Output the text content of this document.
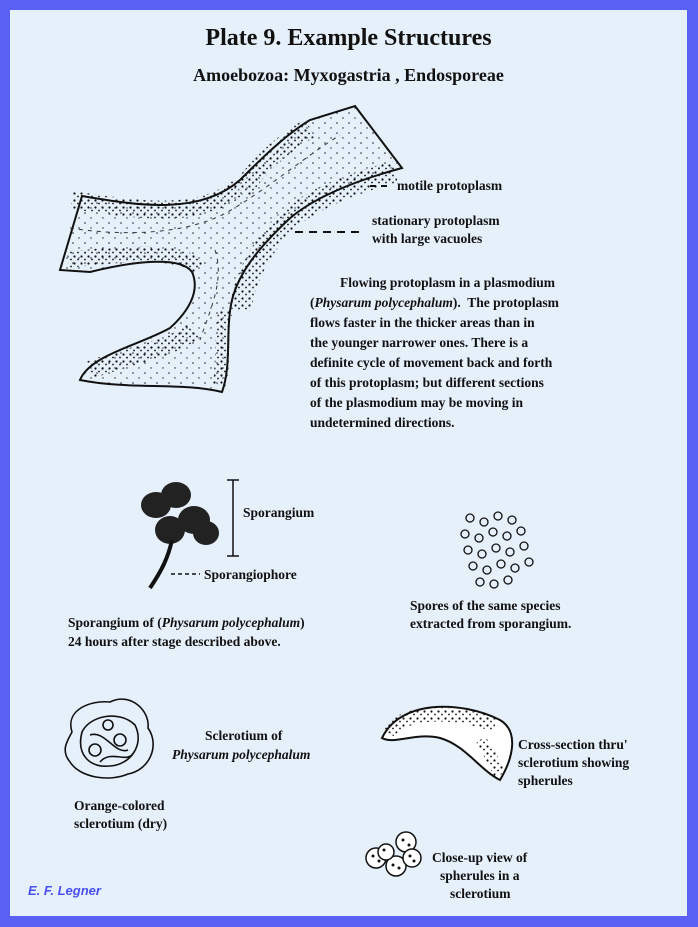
Plate 9. Example Structures
Amoebozoa: Myxogastria , Endosporeae
motile protoplasm
stationary protoplasm
with large vacuoles

Flowing protoplasm in a plasmodium

(Physarum polycephalum).  The protoplasm

flows faster in the thicker areas than in

the younger narrower ones. There is a

definite cycle of movement back and forth

of this protoplasm; but different sections

of the plasmodium may be moving in

undetermined directions.

Sporangium
Sporangiophore
Sporangium of (Physarum polycephalum)
24 hours after stage described above.
Spores of the same species
extracted from sporangium.
Sclerotium of
Physarum polycephalum
Orange-colored
sclerotium (dry)
Cross-section thru'
sclerotium showing
spherules
Close-up view of
spherules in a
sclerotium
E. F. Legner
